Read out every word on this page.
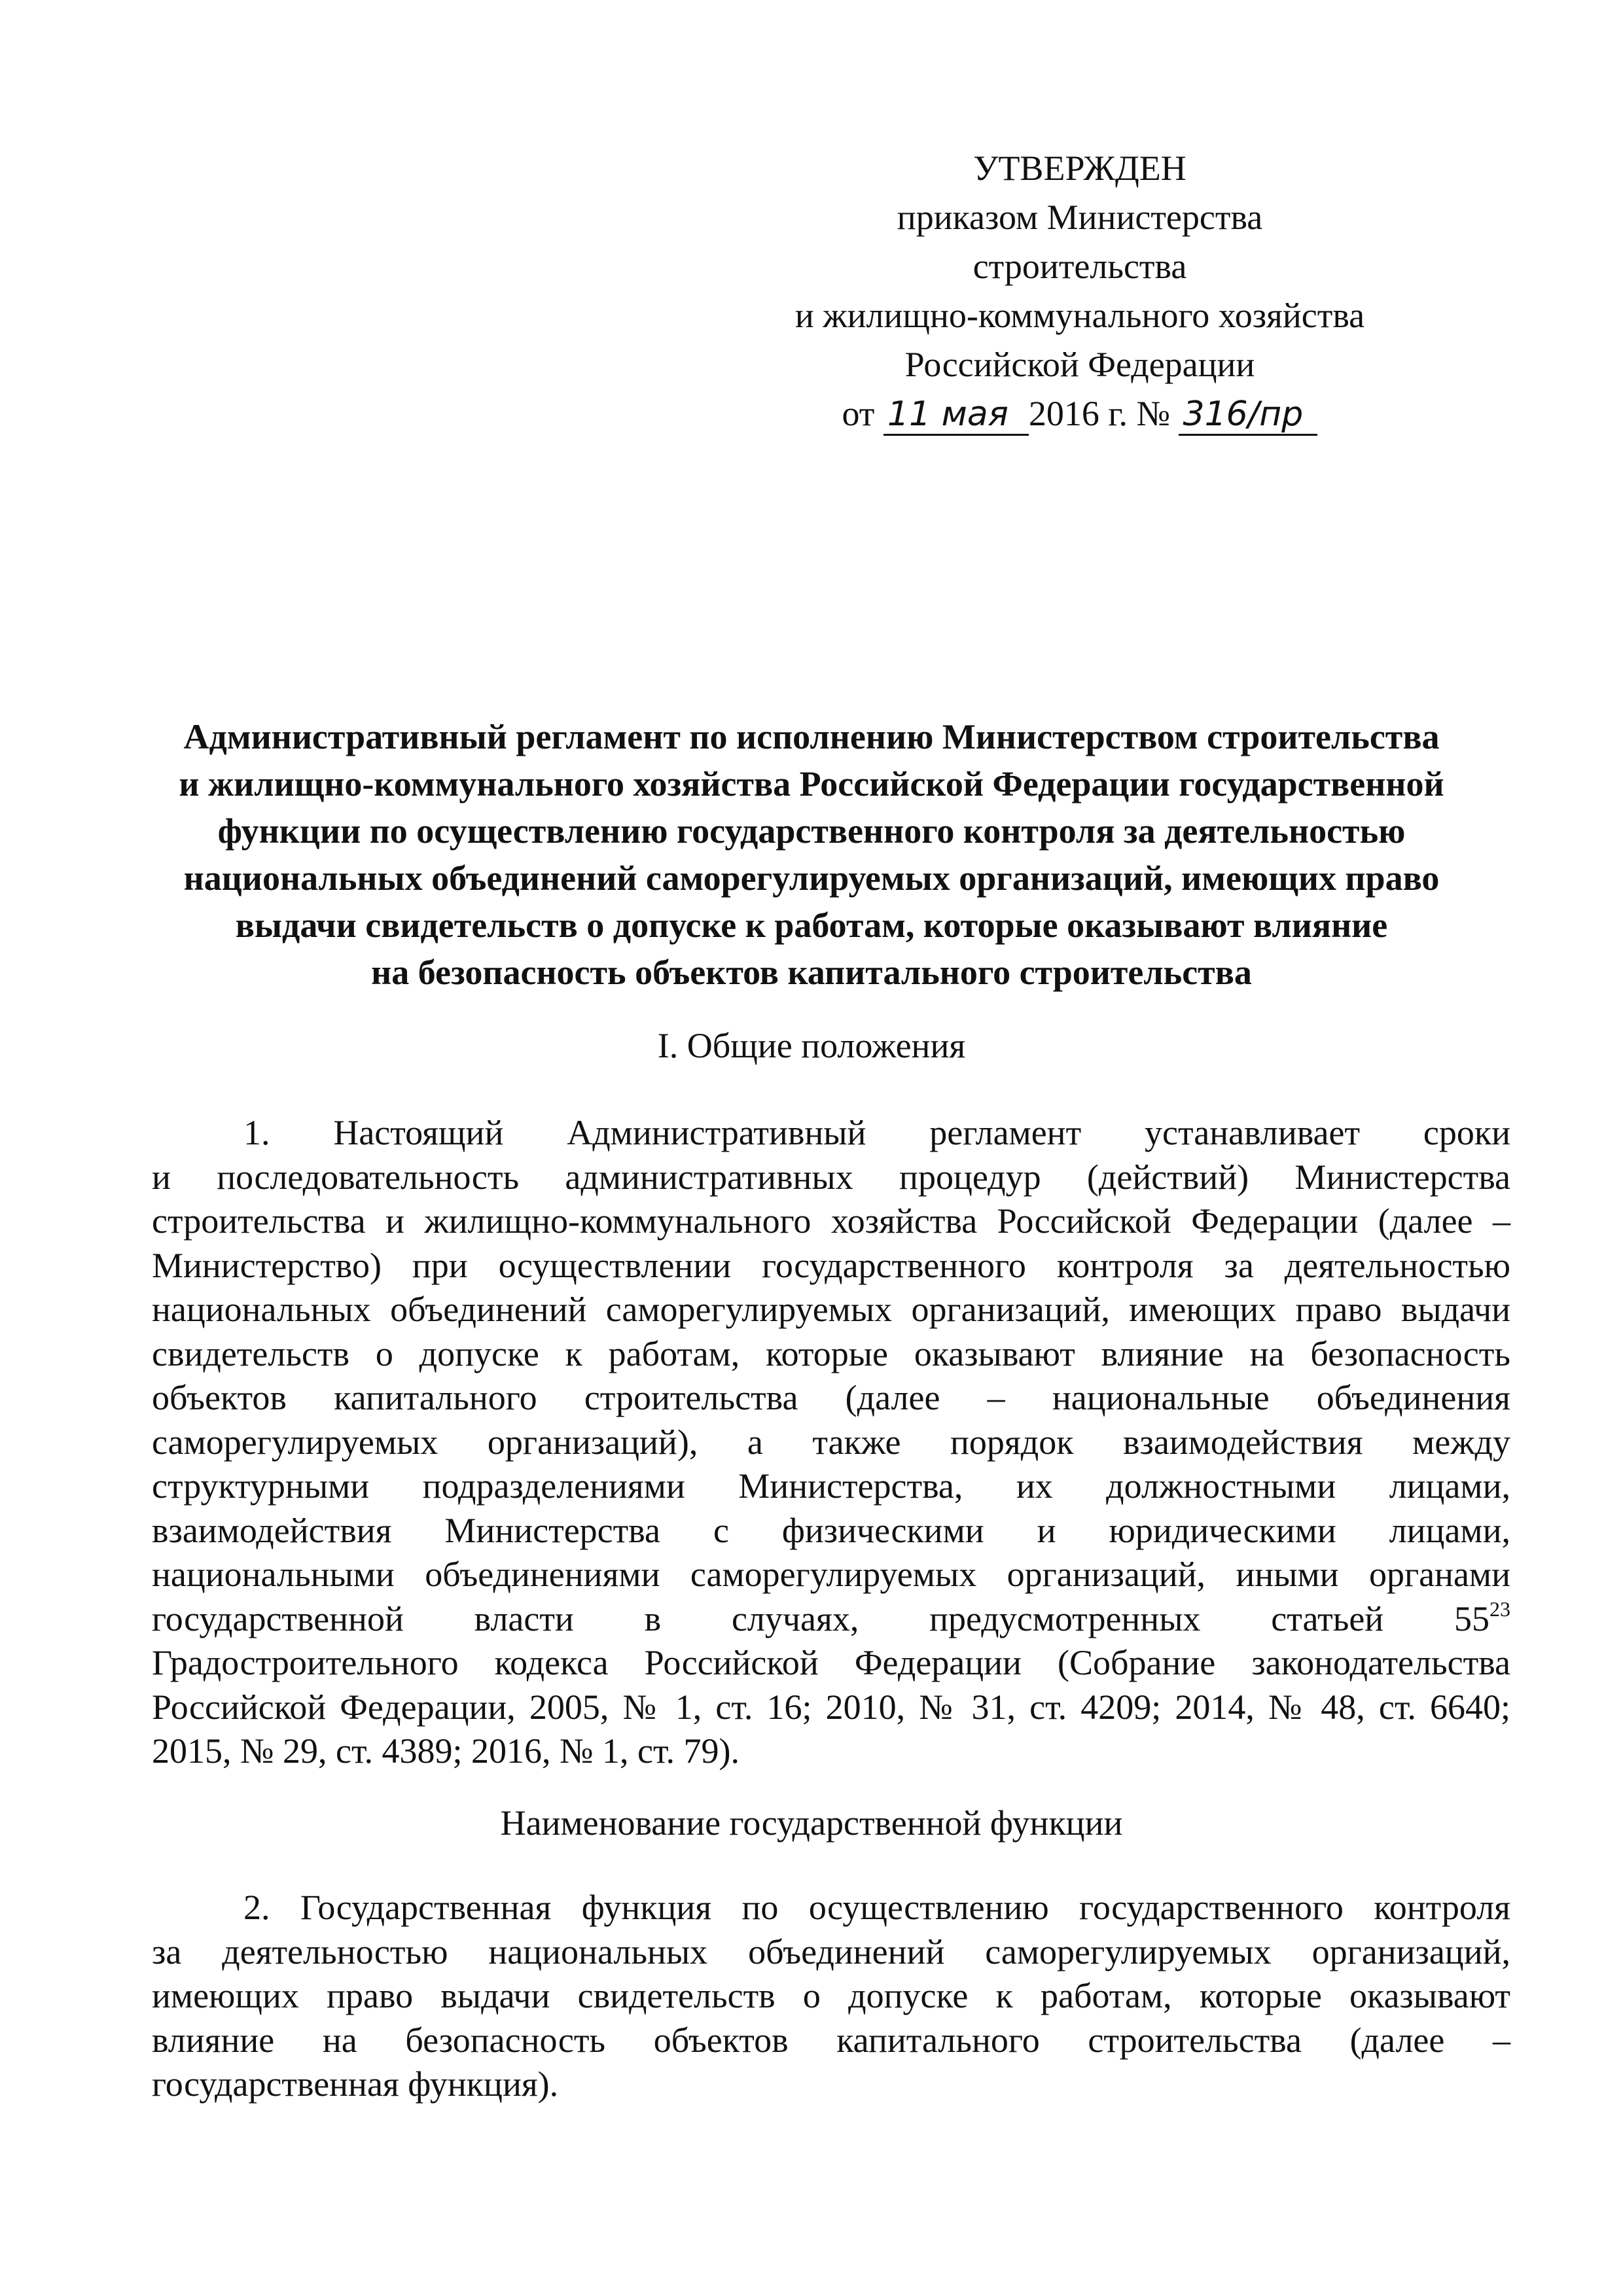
УТВЕРЖДЕН
приказом Министерства
строительства
и жилищно-коммунального хозяйства
Российской Федерации
от 11 мая 2016 г. № 316/пр
Административный регламент по исполнению Министерством строительства
и жилищно-коммунального хозяйства Российской Федерации государственной
функции по осуществлению государственного контроля за деятельностью
национальных объединений саморегулируемых организаций, имеющих право
выдачи свидетельств о допуске к работам, которые оказывают влияние
на безопасность объектов капитального строительства
I. Общие положения
1. Настоящий Административный регламент устанавливает сроки
и последовательность административных процедур (действий) Министерства
строительства и жилищно-коммунального хозяйства Российской Федерации (далее –
Министерство) при осуществлении государственного контроля за деятельностью
национальных объединений саморегулируемых организаций, имеющих право выдачи
свидетельств о допуске к работам, которые оказывают влияние на безопасность
объектов капитального строительства (далее – национальные объединения
саморегулируемых организаций), а также порядок взаимодействия между
структурными подразделениями Министерства, их должностными лицами,
взаимодействия Министерства с физическими и юридическими лицами,
национальными объединениями саморегулируемых организаций, иными органами
государственной власти в случаях, предусмотренных статьей $55^{23}$
Градостроительного кодекса Российской Федерации (Собрание законодательства
Российской Федерации, 2005, № 1, ст. 16; 2010, № 31, ст. 4209; 2014, № 48, ст. 6640;
2015, № 29, ст. 4389; 2016, № 1, ст. 79).
Наименование государственной функции
2. Государственная функция по осуществлению государственного контроля
за деятельностью национальных объединений саморегулируемых организаций,
имеющих право выдачи свидетельств о допуске к работам, которые оказывают
влияние на безопасность объектов капитального строительства (далее –
государственная функция).
